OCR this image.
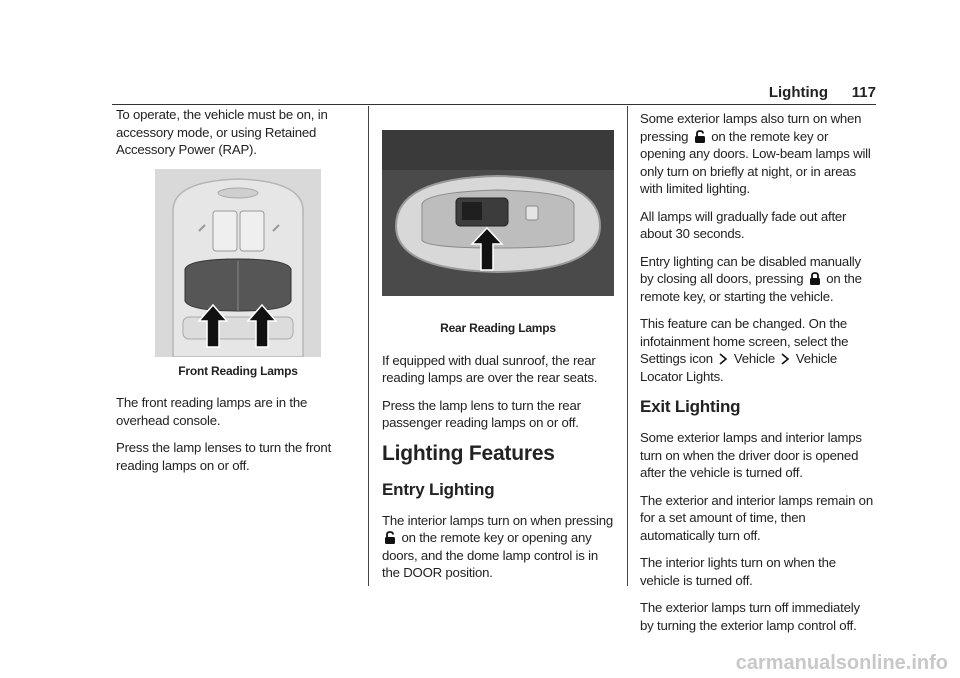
Lighting 117

To operate, the vehicle must be on, in accessory mode, or using Retained Accessory Power (RAP).

Front Reading Lamps

The front reading lamps are in the overhead console.

Press the lamp lenses to turn the front reading lamps on or off.

Rear Reading Lamps

If equipped with dual sunroof, the rear reading lamps are over the rear seats.

Press the lamp lens to turn the rear passenger reading lamps on or off.

Lighting Features
Entry Lighting

The interior lamps turn on when pressing  on the remote key or opening any doors, and the dome lamp control is in the DOOR position.

Some exterior lamps also turn on when pressing on the remote key or opening any doors. Low-beam lamps will only turn on briefly at night, or in areas with limited lighting.

All lamps will gradually fade out after about 30 seconds.

Entry lighting can be disabled manually by closing all doors, pressing on the remote key, or starting the vehicle.

This feature can be changed. On the infotainment home screen, select the Settings icon Vehicle Vehicle Locator Lights.

Exit Lighting

Some exterior lamps and interior lamps turn on when the driver door is opened after the vehicle is turned off.

The exterior and interior lamps remain on for a set amount of time, then automatically turn off.

The interior lights turn on when the vehicle is turned off.

The exterior lamps turn off immediately by turning the exterior lamp control off.

carmanualsonline.info
